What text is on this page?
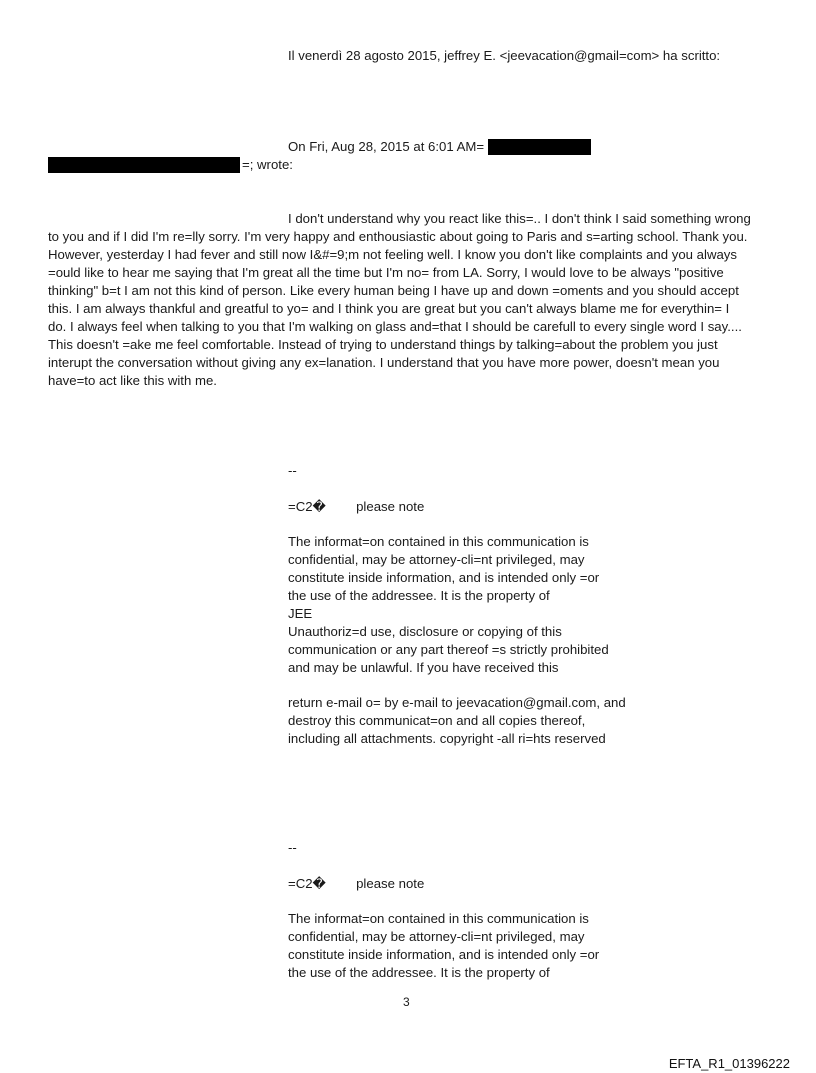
Il venerdì 28 agosto 2015, jeffrey E. <jeevacation@gmail=com> ha scritto:
On Fri, Aug 28, 2015 at 6:01 AM=
=; wrote:
I don't understand why you react like this=.. I don't think I said something wrong
to you and if I did I'm re=lly sorry. I'm very happy and enthousiastic about going to Paris and s=arting school. Thank you.
However, yesterday I had fever and still now I&#=9;m not feeling well. I know you don't like complaints and you always
=ould like to hear me saying that I'm great all the time but I'm no= from LA. Sorry, I would love to be always "positive
thinking" b=t I am not this kind of person. Like every human being I have up and down =oments and you should accept
this. I am always thankful and greatful to yo= and I think you are great but you can't always blame me for everythin= I
do. I always feel when talking to you that I'm walking on glass and=that I should be carefull to every single word I say....
This doesn't =ake me feel comfortable. Instead of trying to understand things by talking=about the problem you just
interupt the conversation without giving any ex=lanation. I understand that you have more power, doesn't mean you
have=to act like this with me.
--
=C2� please note
The informat=on contained in this communication is
confidential, may be attorney-cli=nt privileged, may
constitute inside information, and is intended only =or
the use of the addressee. It is the property of
JEE
Unauthoriz=d use, disclosure or copying of this
communication or any part thereof =s strictly prohibited
and may be unlawful. If you have received this
return e-mail o= by e-mail to jeevacation@gmail.com, and
destroy this communicat=on and all copies thereof,
including all attachments. copyright -all ri=hts reserved
--
=C2� please note
The informat=on contained in this communication is
confidential, may be attorney-cli=nt privileged, may
constitute inside information, and is intended only =or
the use of the addressee. It is the property of
3
EFTA_R1_01396222
